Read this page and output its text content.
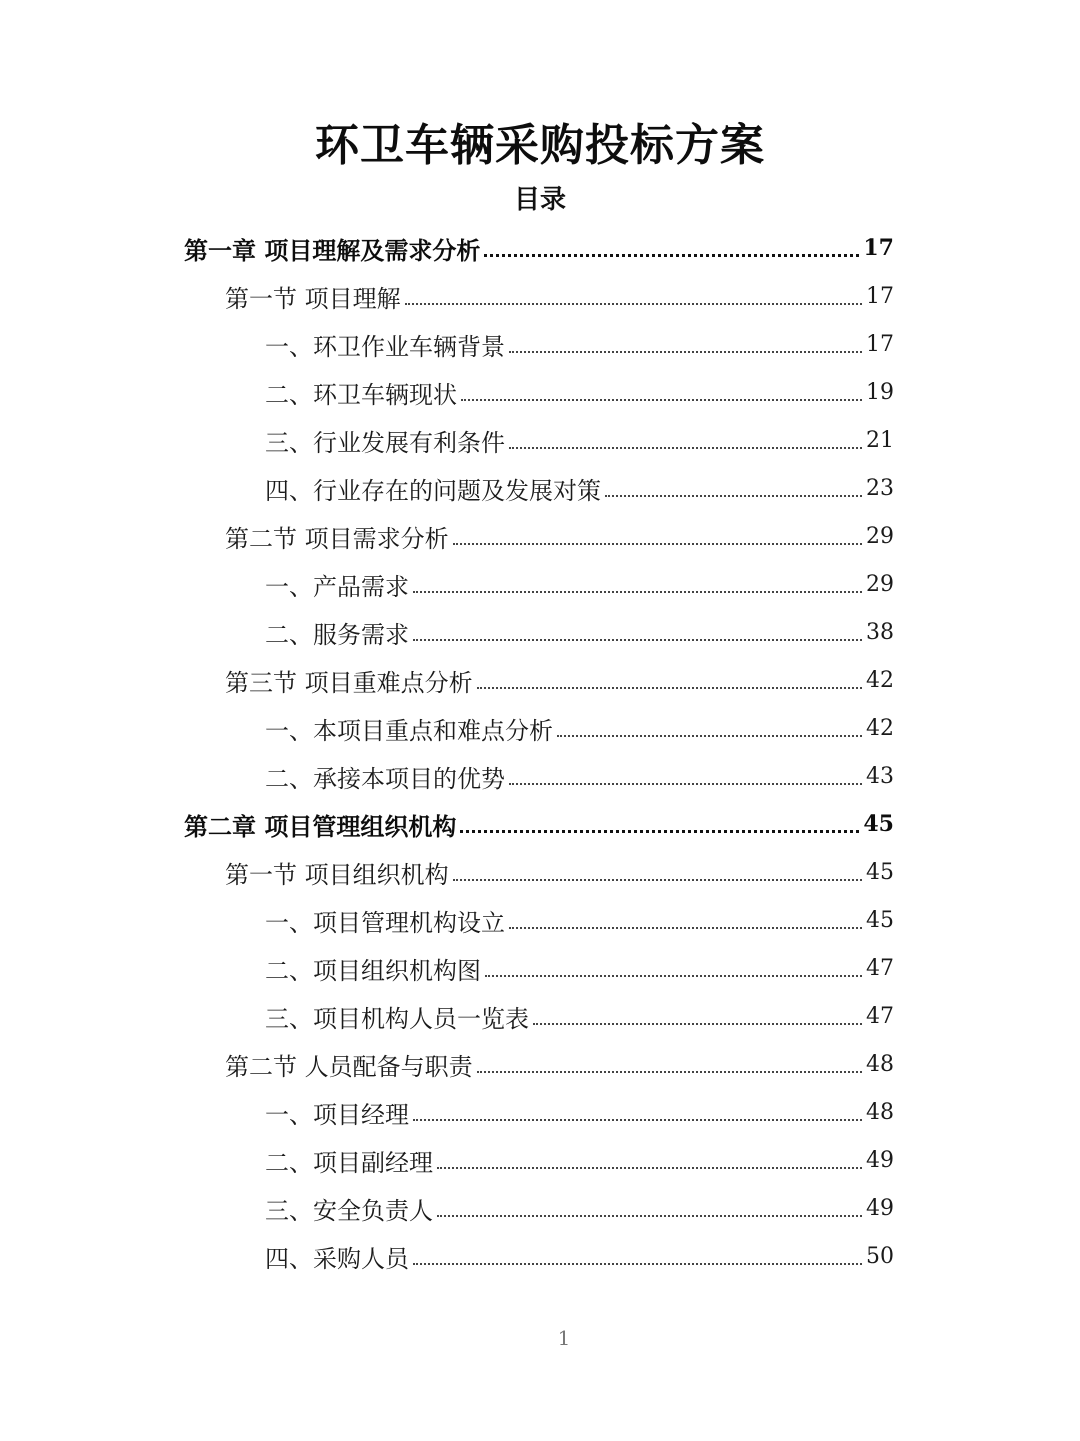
环卫车辆采购投标方案
目录
第一章 项目理解及需求分析	17
第一节 项目理解	17
一、环卫作业车辆背景	17
二、环卫车辆现状	19
三、行业发展有利条件	21
四、行业存在的问题及发展对策	23
第二节 项目需求分析	29
一、产品需求	29
二、服务需求	38
第三节 项目重难点分析	42
一、本项目重点和难点分析	42
二、承接本项目的优势	43
第二章 项目管理组织机构	45
第一节 项目组织机构	45
一、项目管理机构设立	45
二、项目组织机构图	47
三、项目机构人员一览表	47
第二节 人员配备与职责	48
一、项目经理	48
二、项目副经理	49
三、安全负责人	49
四、采购人员	50
1
